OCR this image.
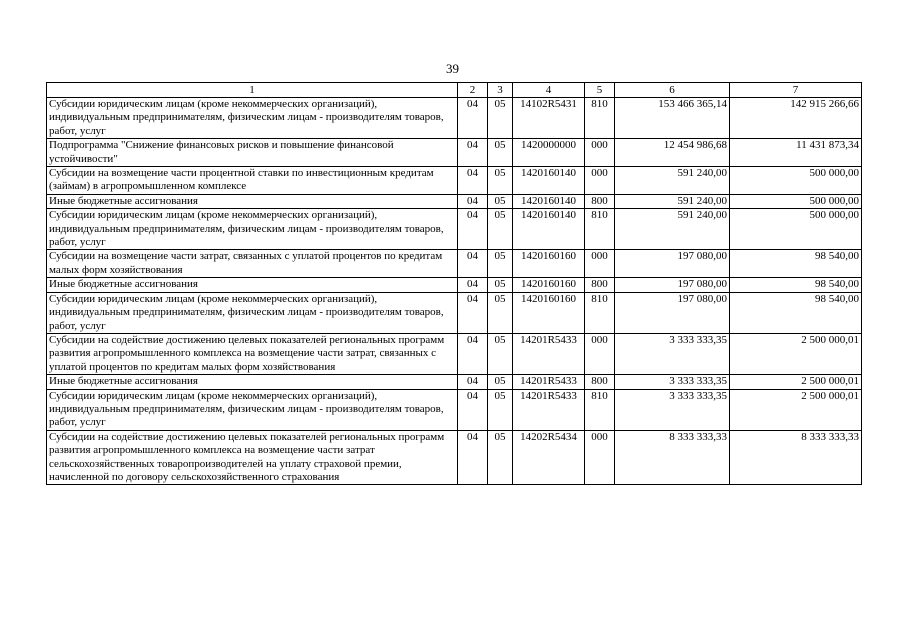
39
1	2	3	4	5	6	7
Субсидии юридическим лицам (кроме некоммерческих организаций), индивидуальным предпринимателям, физическим лицам - производителям товаров, работ, услуг	04	05	14102R5431	810	153 466 365,14	142 915 266,66
Подпрограмма "Снижение финансовых рисков и повышение финансовой устойчивости"	04	05	1420000000	000	12 454 986,68	11 431 873,34
Субсидии на возмещение части процентной ставки по инвестиционным кредитам (займам) в агропромышленном комплексе	04	05	1420160140	000	591 240,00	500 000,00
Иные бюджетные ассигнования	04	05	1420160140	800	591 240,00	500 000,00
Субсидии юридическим лицам (кроме некоммерческих организаций), индивидуальным предпринимателям, физическим лицам - производителям товаров, работ, услуг	04	05	1420160140	810	591 240,00	500 000,00
Субсидии на возмещение части затрат, связанных с уплатой процентов по кредитам малых форм хозяйствования	04	05	1420160160	000	197 080,00	98 540,00
Иные бюджетные ассигнования	04	05	1420160160	800	197 080,00	98 540,00
Субсидии юридическим лицам (кроме некоммерческих организаций), индивидуальным предпринимателям, физическим лицам - производителям товаров, работ, услуг	04	05	1420160160	810	197 080,00	98 540,00
Субсидии на содействие достижению целевых показателей региональных программ развития агропромышленного комплекса на возмещение части затрат, связанных с уплатой процентов по кредитам малых форм хозяйствования	04	05	14201R5433	000	3 333 333,35	2 500 000,01
Иные бюджетные ассигнования	04	05	14201R5433	800	3 333 333,35	2 500 000,01
Субсидии юридическим лицам (кроме некоммерческих организаций), индивидуальным предпринимателям, физическим лицам - производителям товаров, работ, услуг	04	05	14201R5433	810	3 333 333,35	2 500 000,01
Субсидии на содействие достижению целевых показателей региональных программ развития агропромышленного комплекса на возмещение части затрат сельскохозяйственных товаропроизводителей на уплату страховой премии, начисленной по договору сельскохозяйственного страхования	04	05	14202R5434	000	8 333 333,33	8 333 333,33
